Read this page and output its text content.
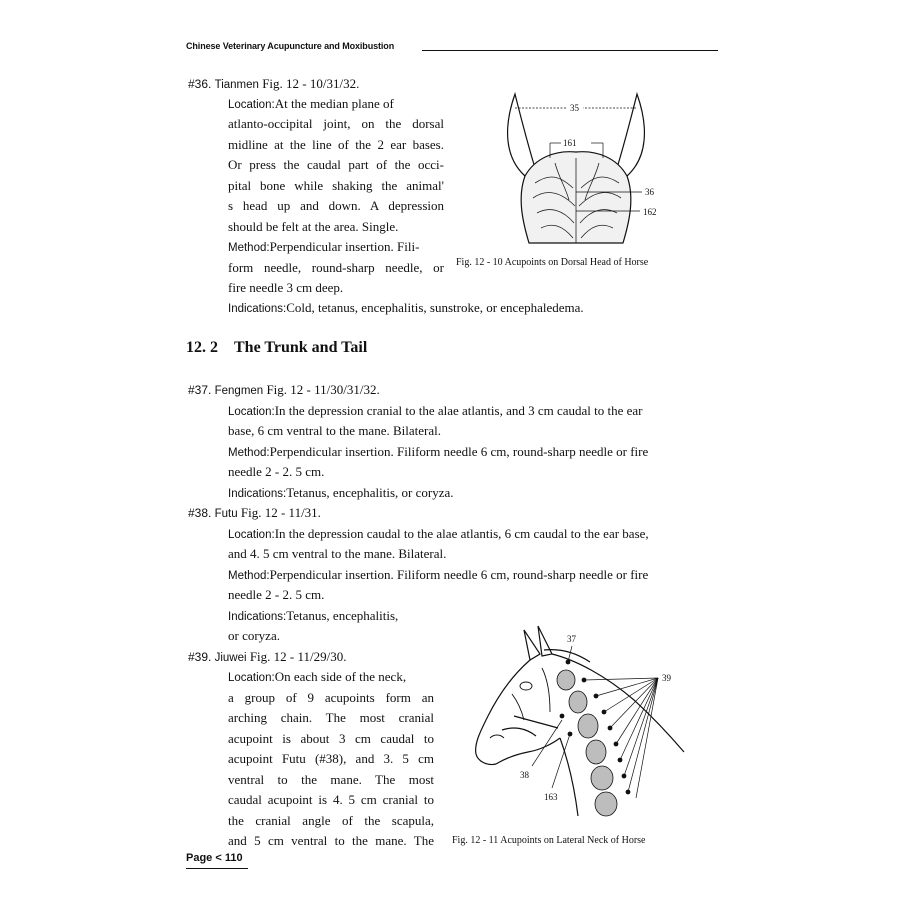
Chinese Veterinary Acupuncture and Moxibustion
#36. Tianmen Fig. 12 - 10/31/32.
Location:At the median plane of
atlanto-occipital joint, on the dorsal
midline at the line of the 2 ear bases.
Or press the caudal part of the occi-
pital bone while shaking the animal'
s head up and down. A depression
should be felt at the area. Single.
Method:Perpendicular insertion. Fili-
form needle, round-sharp needle, or
fire needle 3 cm deep.
Indications:Cold, tetanus, encephalitis, sunstroke, or encephaledema.
35
161
36
162
Fig. 12 - 10 Acupoints on Dorsal Head of Horse
12. 2 The Trunk and Tail
#37. Fengmen Fig. 12 - 11/30/31/32.
Location:In the depression cranial to the alae atlantis, and 3 cm caudal to the ear
base, 6 cm ventral to the mane. Bilateral.
Method:Perpendicular insertion. Filiform needle 6 cm, round-sharp needle or fire
needle 2 - 2. 5 cm.
Indications:Tetanus, encephalitis, or coryza.
#38. Futu Fig. 12 - 11/31.
Location:In the depression caudal to the alae atlantis, 6 cm caudal to the ear base,
and 4. 5 cm ventral to the mane. Bilateral.
Method:Perpendicular insertion. Filiform needle 6 cm, round-sharp needle or fire
needle 2 - 2. 5 cm.
Indications:Tetanus, encephalitis,
or coryza.
#39. Jiuwei Fig. 12 - 11/29/30.
Location:On each side of the neck,
a group of 9 acupoints form an
arching chain. The most cranial
acupoint is about 3 cm caudal to
acupoint Futu (#38), and 3. 5 cm
ventral to the mane. The most
caudal acupoint is 4. 5 cm cranial to
the cranial angle of the scapula,
and 5 cm ventral to the mane. The
39
37
38
163
Fig. 12 - 11 Acupoints on Lateral Neck of Horse
Page < 110
